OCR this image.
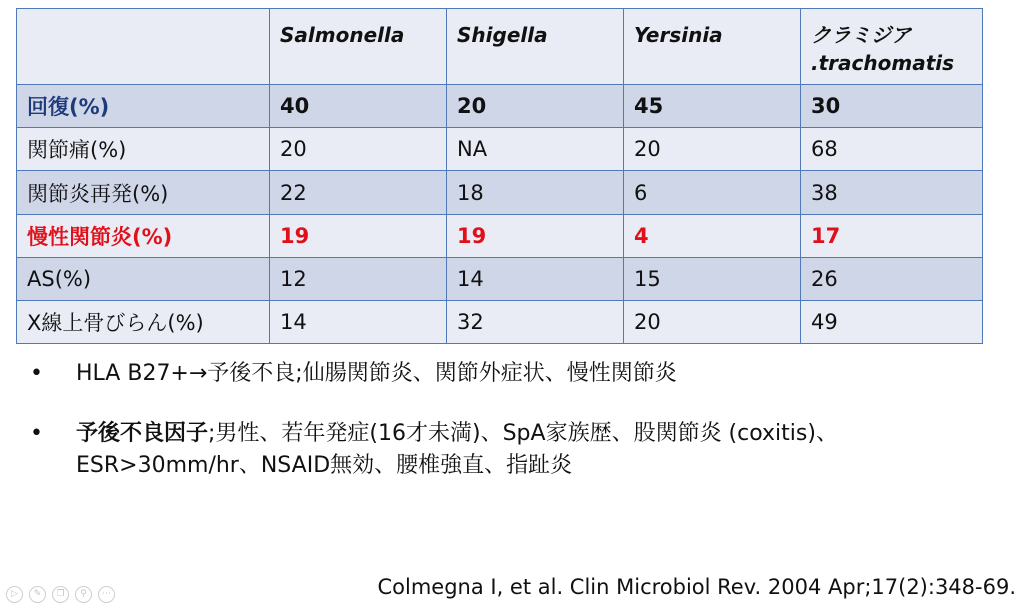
	Salmonella	Shigella	Yersinia	クラミジア
.trachomatis
回復(%)	40	20	45	30
関節痛(%)	20	NA	20	68
関節炎再発(%)	22	18	6	38
慢性関節炎(%)	19	19	4	17
AS(%)	12	14	15	26
X線上骨びらん(%)	14	32	20	49
• HLA B27+→予後不良;仙腸関節炎、関節外症状、慢性関節炎
• 予後不良因子;男性、若年発症(16才未満)、SpA家族歴、股関節炎 (coxitis)、ESR>30mm/hr、NSAID無効、腰椎強直、指趾炎
Colmegna I, et al. Clin Microbiol Rev. 2004 Apr;17(2):348-69.
▷	✎	❐	⚲	⋯
